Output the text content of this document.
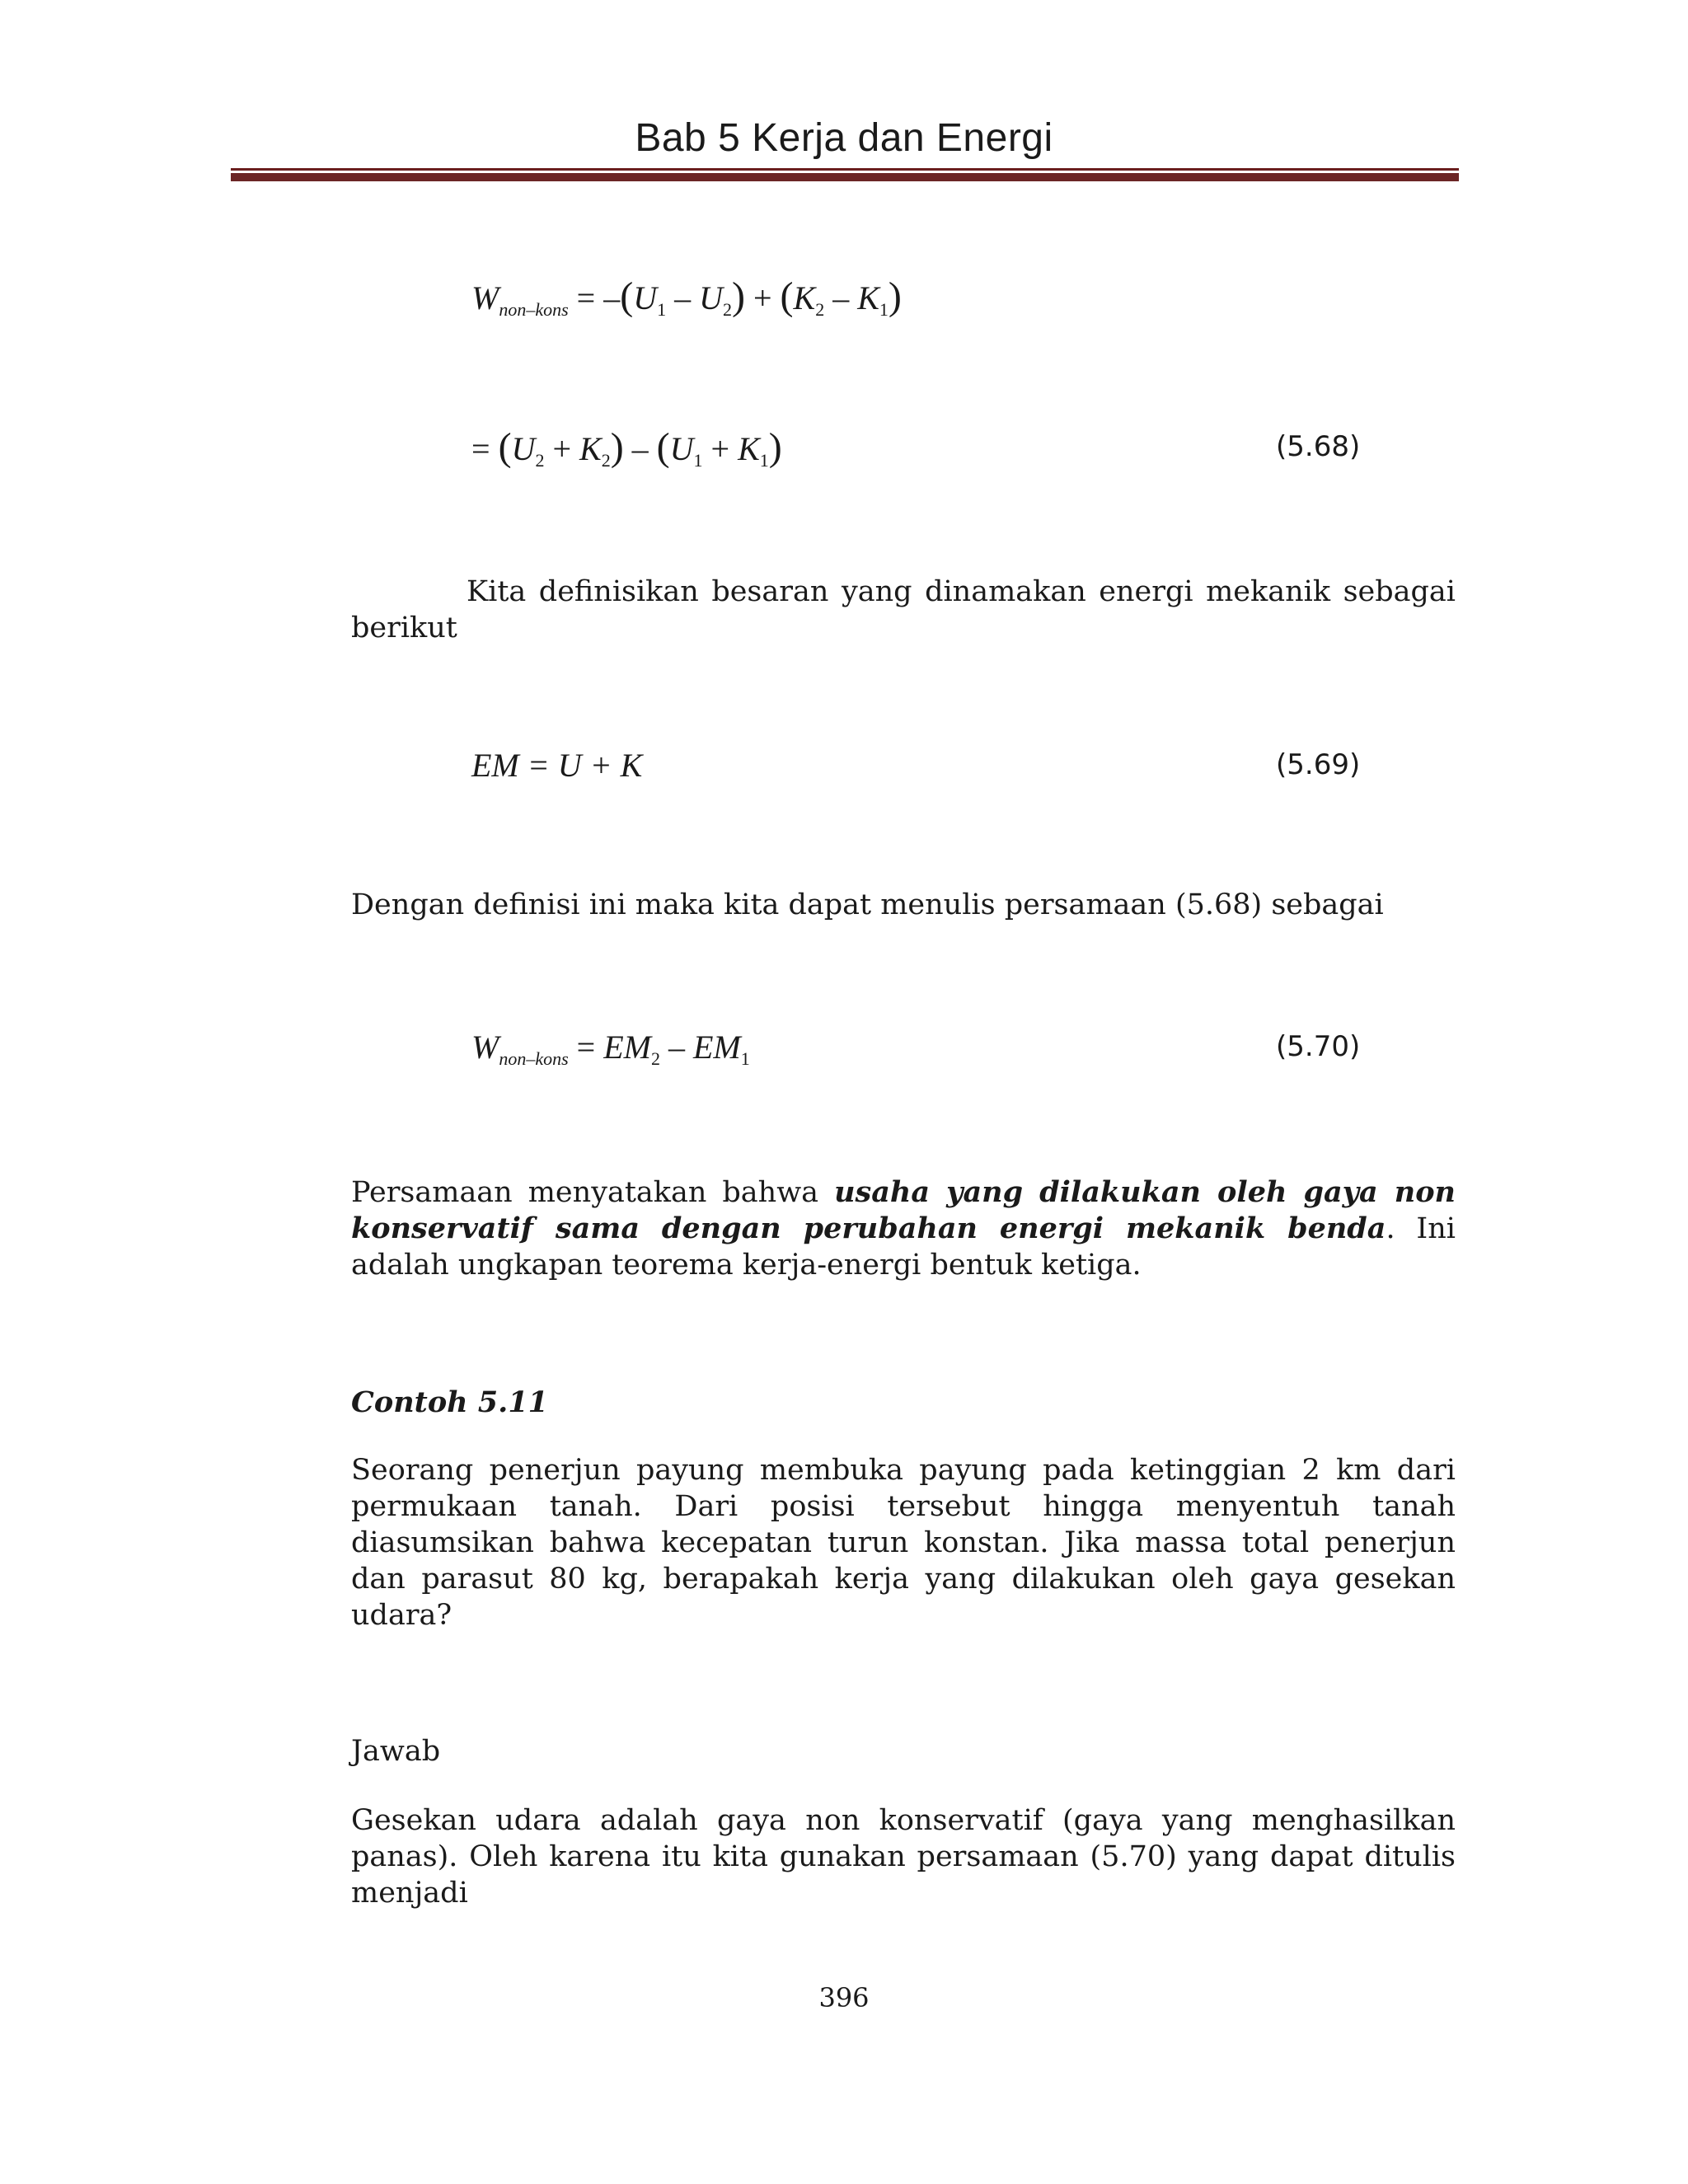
Bab 5 Kerja dan Energi
$W_{non-kons} = -(U_1 - U_2) + (K_2 - K_1)$
= $(U_2 + K_2) - (U_1 + K_1)$	(5.68)
Kita definisikan besaran yang dinamakan energi mekanik sebagai berikut
EM = U + K	(5.69)
Dengan definisi ini maka kita dapat menulis persamaan (5.68) sebagai
$W_{non-kons} = EM_2 - EM_1$	(5.70)
Persamaan menyatakan bahwa usaha yang dilakukan oleh gaya non konservatif sama dengan perubahan energi mekanik benda. Ini adalah ungkapan teorema kerja-energi bentuk ketiga.
Contoh 5.11
Seorang penerjun payung membuka payung pada ketinggian 2 km dari permukaan tanah. Dari posisi tersebut hingga menyentuh tanah diasumsikan bahwa kecepatan turun konstan. Jika massa total penerjun dan parasut 80 kg, berapakah kerja yang dilakukan oleh gaya gesekan udara?
Jawab
Gesekan udara adalah gaya non konservatif (gaya yang menghasilkan panas). Oleh karena itu kita gunakan persamaan (5.70) yang dapat ditulis menjadi
396
